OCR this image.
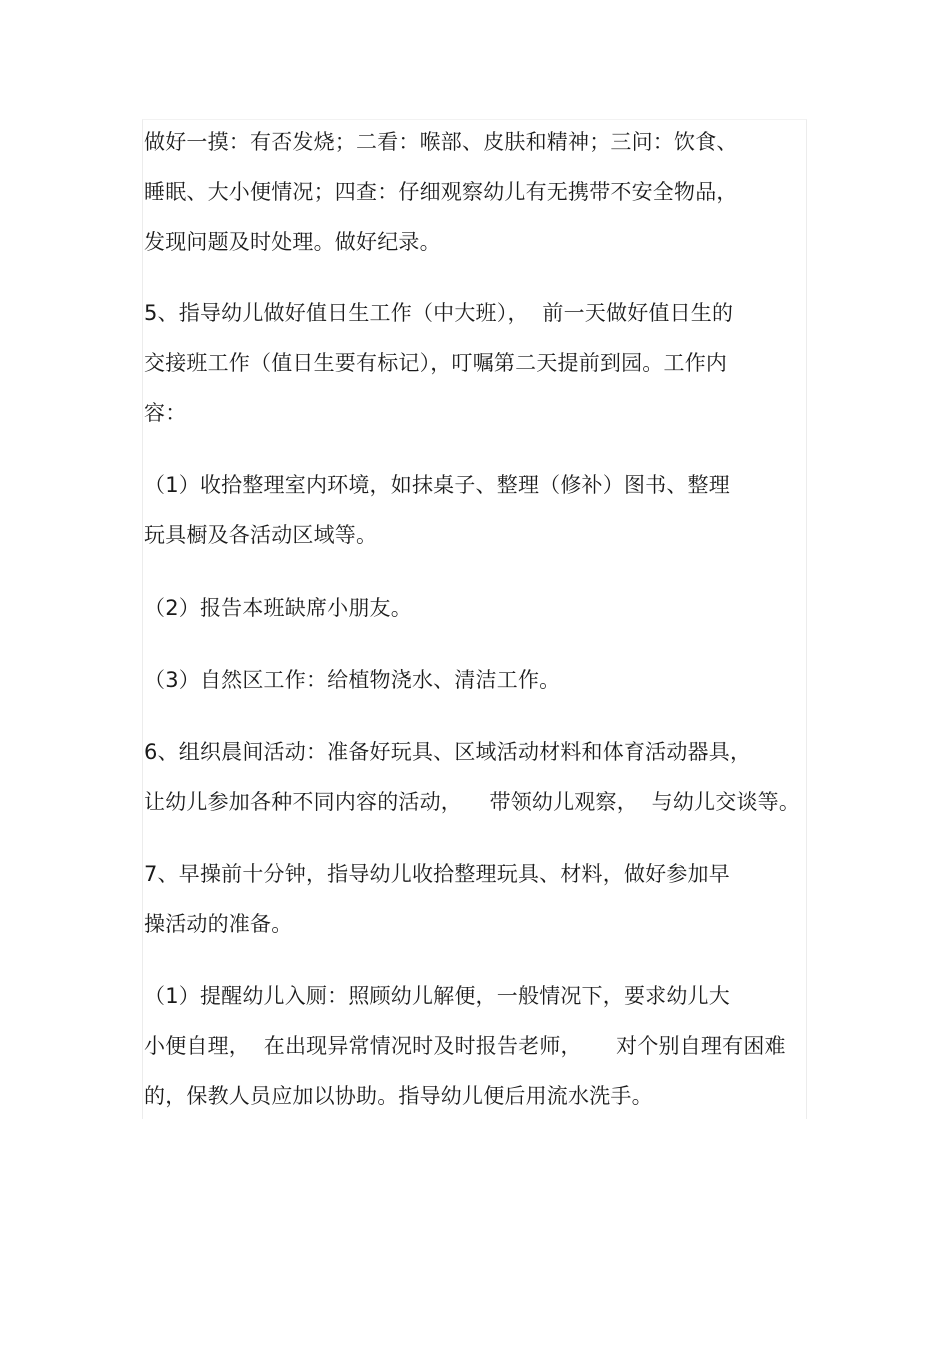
做好一摸：有否发烧；二看：喉部、皮肤和精神；三问：饮食、
睡眠、大小便情况；四查：仔细观察幼儿有无携带不安全物品，
发现问题及时处理。做好纪录。
5、指导幼儿做好值日生工作（中大班），  前一天做好值日生的
交接班工作（值日生要有标记），叮嘱第二天提前到园。工作内
容：
（1）收拾整理室内环境，如抹桌子、整理（修补）图书、整理
玩具橱及各活动区域等。
（2）报告本班缺席小朋友。
（3）自然区工作：给植物浇水、清洁工作。
6、组织晨间活动：准备好玩具、区域活动材料和体育活动器具，
让幼儿参加各种不同内容的活动，    带领幼儿观察，  与幼儿交谈等。
7、早操前十分钟，指导幼儿收拾整理玩具、材料，做好参加早
操活动的准备。
（1）提醒幼儿入厕：照顾幼儿解便，一般情况下，要求幼儿大
小便自理，  在出现异常情况时及时报告老师，     对个别自理有困难
的，保教人员应加以协助。指导幼儿便后用流水洗手。
